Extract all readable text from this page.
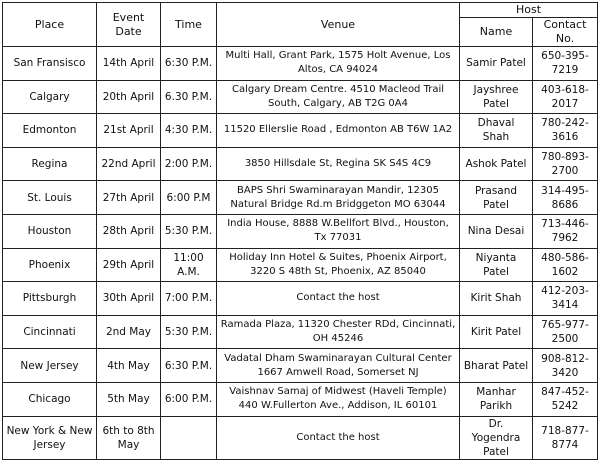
Place	Event Date	Time	Venue	Host	
				Name	Contact No.
San Fransisco	14th April	6:30 P.M.	Multi Hall, Grant Park, 1575 Holt Avenue, Los Altos, CA 94024	Samir Patel	650-395-7219
Calgary	20th April	6.30 P.M.	Calgary Dream Centre. 4510 Macleod Trail South, Calgary, AB T2G 0A4	Jayshree Patel	403-618-2017
Edmonton	21st April	4:30 P.M.	11520 Ellerslie Road , Edmonton AB T6W 1A2	Dhaval Shah	780-242-3616
Regina	22nd April	2:00 P.M.	3850 Hillsdale St, Regina SK S4S 4C9	Ashok Patel	780-893-2700
St. Louis	27th April	6:00 P.M	BAPS Shri Swaminarayan Mandir, 12305 Natural Bridge Rd.m Bridggeton MO 63044	Prasand Patel	314-495-8686
Houston	28th April	5:30 P.M.	India House, 8888 W.Bellfort Blvd., Houston, Tx 77031	Nina Desai	713-446-7962
Phoenix	29th April	11:00 A.M.	Holiday Inn Hotel & Suites, Phoenix Airport, 3220 S 48th St, Phoenix, AZ 85040	Niyanta Patel	480-586-1602
Pittsburgh	30th April	7:00 P.M.	Contact the host	Kirit Shah	412-203-3414
Cincinnati	2nd May	5:30 P.M.	Ramada Plaza, 11320 Chester RDd, Cincinnati, OH 45246	Kirit Patel	765-977-2500
New Jersey	4th May	6:30 P.M.	Vadatal Dham Swaminarayan Cultural Center 1667 Amwell Road, Somerset NJ	Bharat Patel	908-812-3420
Chicago	5th May	6:00 P.M.	Vaishnav Samaj of Midwest (Haveli Temple) 440 W.Fullerton Ave., Addison, IL 60101	Manhar Parikh	847-452-5242
New York & New Jersey	6th to 8th May		Contact the host	Dr. Yogendra Patel	718-877-8774
